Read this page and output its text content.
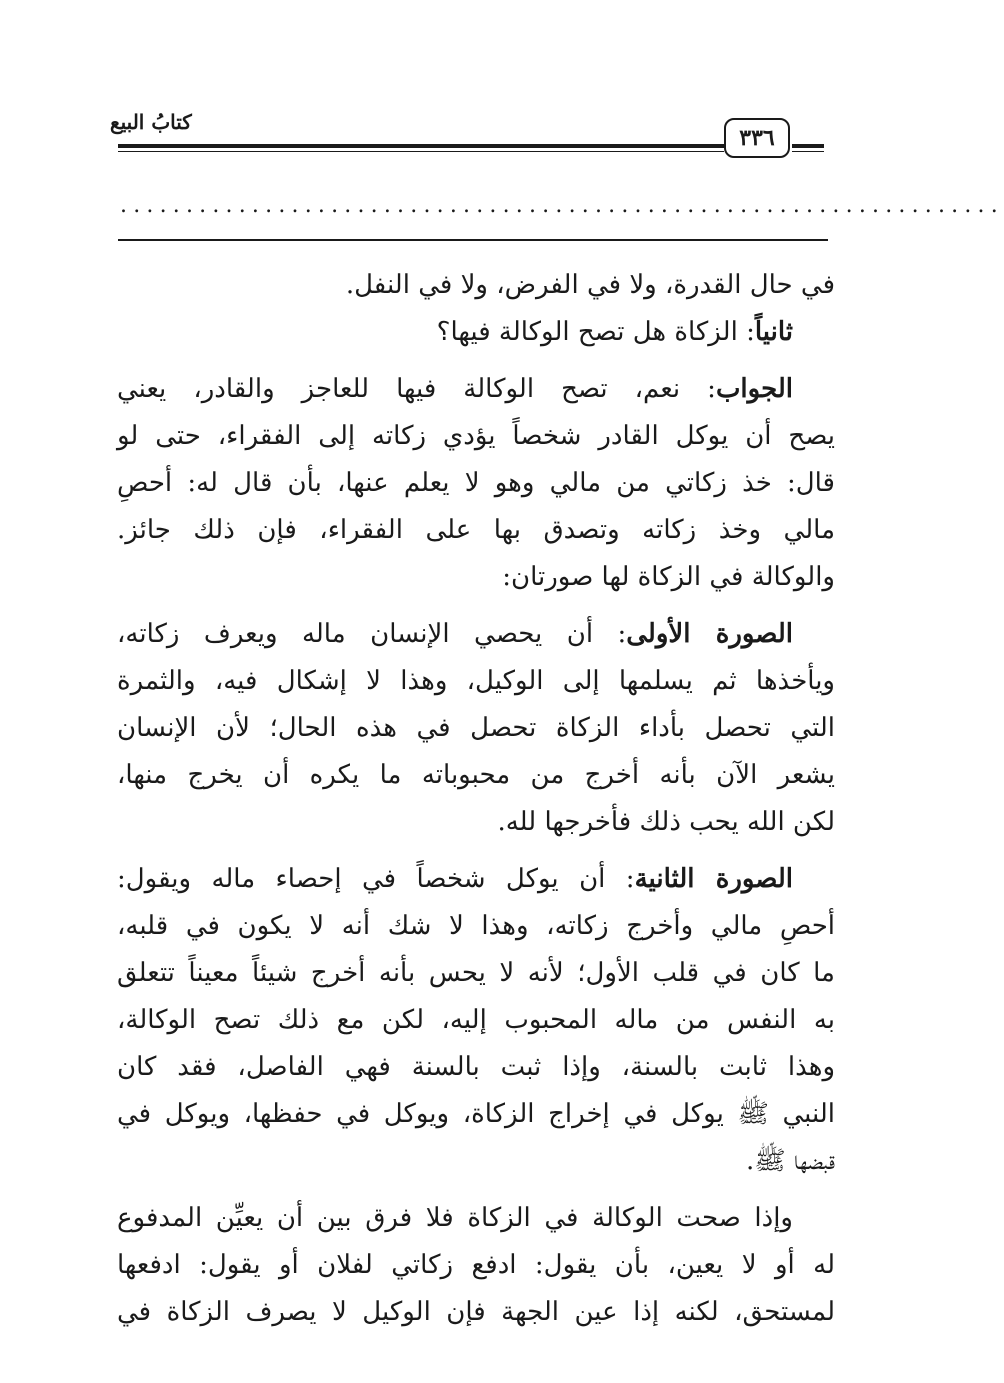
كتابُ البيع
٣٣٦
...................................................................
في حال القدرة، ولا في الفرض، ولا في النفل.
ثانياً: الزكاة هل تصح الوكالة فيها؟
الجواب: نعم، تصح الوكالة فيها للعاجز والقادر، يعني
يصح أن يوكل القادر شخصاً يؤدي زكاته إلى الفقراء، حتى لو
قال: خذ زكاتي من مالي وهو لا يعلم عنها، بأن قال له: أحصِ
مالي وخذ زكاته وتصدق بها على الفقراء، فإن ذلك جائز.
والوكالة في الزكاة لها صورتان:
الصورة الأولى: أن يحصي الإنسان ماله ويعرف زكاته،
ويأخذها ثم يسلمها إلى الوكيل، وهذا لا إشكال فيه، والثمرة
التي تحصل بأداء الزكاة تحصل في هذه الحال؛ لأن الإنسان
يشعر الآن بأنه أخرج من محبوباته ما يكره أن يخرج منها،
لكن الله يحب ذلك فأخرجها لله.
الصورة الثانية: أن يوكل شخصاً في إحصاء ماله ويقول:
أحصِ مالي وأخرج زكاته، وهذا لا شك أنه لا يكون في قلبه،
ما كان في قلب الأول؛ لأنه لا يحس بأنه أخرج شيئاً معيناً تتعلق
به النفس من ماله المحبوب إليه، لكن مع ذلك تصح الوكالة،
وهذا ثابت بالسنة، وإذا ثبت بالسنة فهي الفاصل، فقد كان
النبي ﷺ يوكل في إخراج الزكاة، ويوكل في حفظها، ويوكل في
قبضها ﷺ.
وإذا صحت الوكالة في الزكاة فلا فرق بين أن يعيِّن المدفوع
له أو لا يعين، بأن يقول: ادفع زكاتي لفلان أو يقول: ادفعها
لمستحق، لكنه إذا عين الجهة فإن الوكيل لا يصرف الزكاة في
